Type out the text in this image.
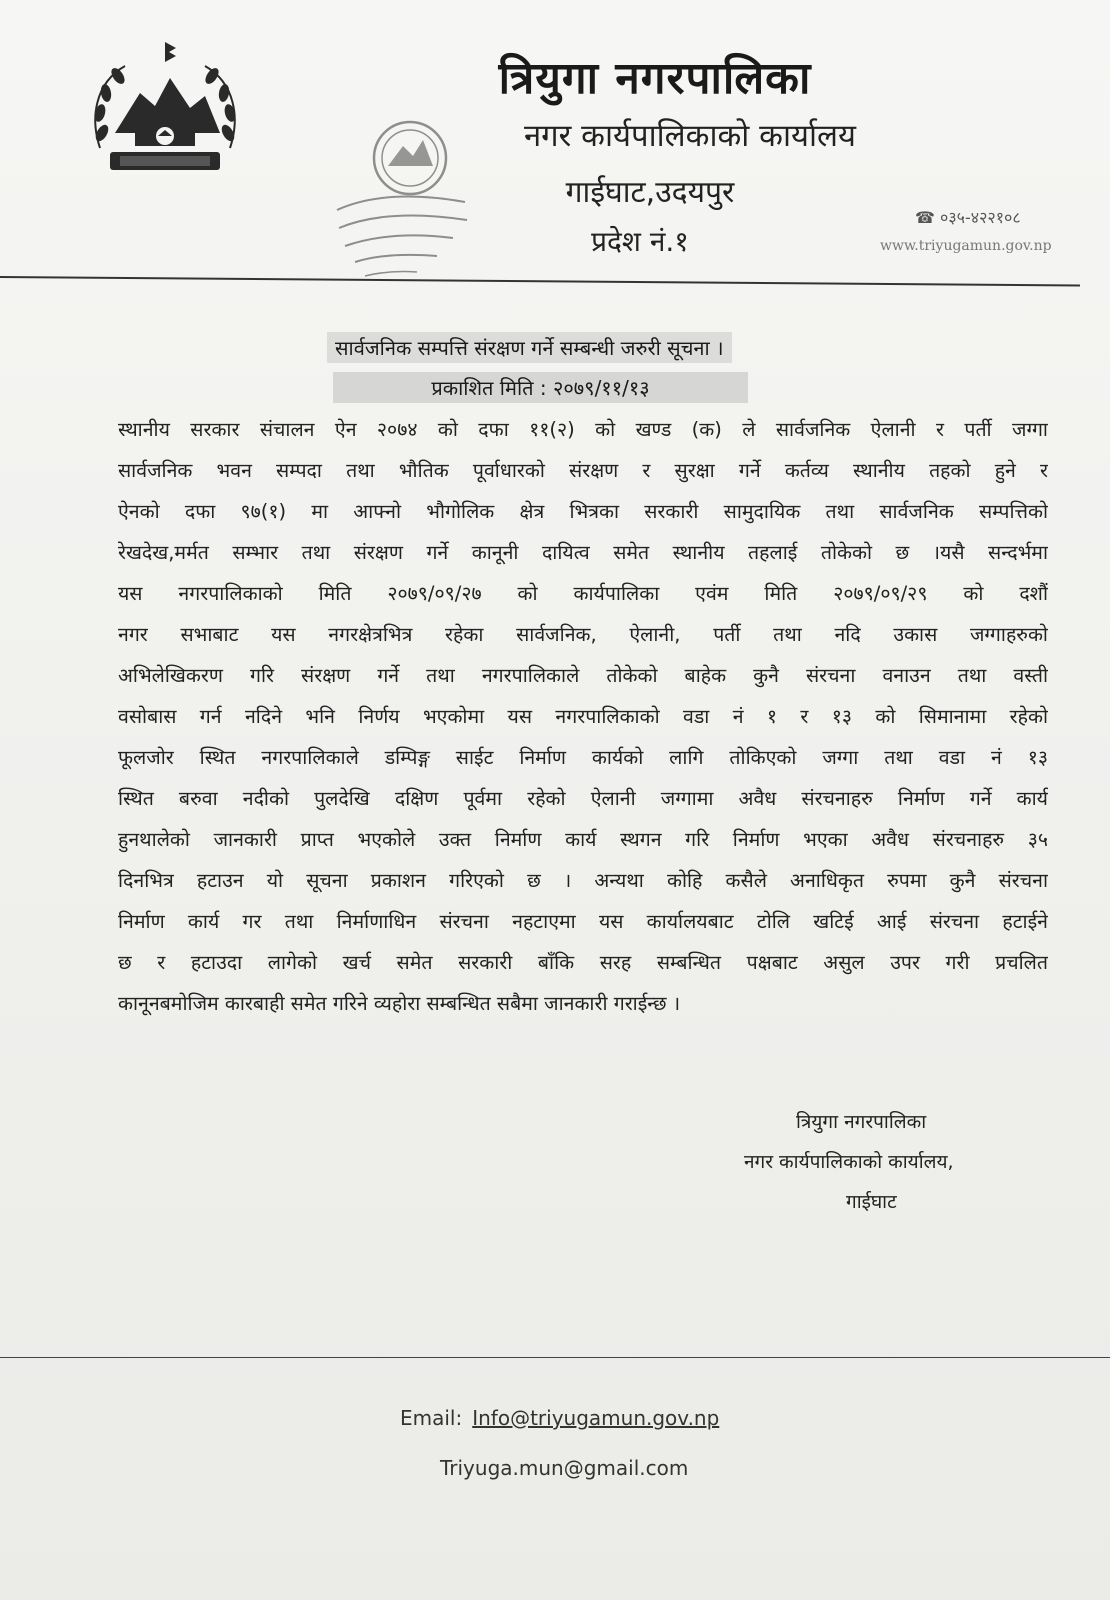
त्रियुगा नगरपालिका
नगर कार्यपालिकाको कार्यालय
गाईघाट,उदयपुर
प्रदेश नं.१
☎ ०३५-४२२१०८
www.triyugamun.gov.np
सार्वजनिक सम्पत्ति संरक्षण गर्ने सम्बन्धी जरुरी सूचना ।
प्रकाशित मिति : २०७९/११/१३
स्थानीय सरकार संचालन ऐन २०७४ को दफा ११(२) को खण्ड (क) ले सार्वजनिक ऐलानी र पर्ती जग्गा
सार्वजनिक भवन सम्पदा तथा भौतिक पूर्वाधारको संरक्षण र सुरक्षा गर्ने कर्तव्य स्थानीय तहको हुने र
ऐनको दफा ९७(१) मा आफ्नो भौगोलिक क्षेत्र भित्रका सरकारी सामुदायिक तथा सार्वजनिक सम्पत्तिको
रेखदेख,मर्मत सम्भार तथा संरक्षण गर्ने कानूनी दायित्व समेत स्थानीय तहलाई तोकेको छ ।यसै सन्दर्भमा
यस नगरपालिकाको मिति २०७९/०९/२७ को कार्यपालिका एवंम मिति २०७९/०९/२९ को दशौं
नगर सभाबाट यस नगरक्षेत्रभित्र रहेका सार्वजनिक, ऐलानी, पर्ती तथा नदि उकास जग्गाहरुको
अभिलेखिकरण गरि संरक्षण गर्ने तथा नगरपालिकाले तोकेको बाहेक कुनै संरचना वनाउन तथा वस्ती
वसोबास गर्न नदिने भनि निर्णय भएकोमा यस नगरपालिकाको वडा नं १ र १३ को सिमानामा रहेको
फूलजोर स्थित नगरपालिकाले डम्पिङ्ग साईट निर्माण कार्यको लागि तोकिएको जग्गा तथा वडा नं १३
स्थित बरुवा नदीको पुलदेखि दक्षिण पूर्वमा रहेको ऐलानी जग्गामा अवैध संरचनाहरु निर्माण गर्ने कार्य
हुनथालेको जानकारी प्राप्त भएकोले उक्त निर्माण कार्य स्थगन गरि निर्माण भएका अवैध संरचनाहरु ३५
दिनभित्र हटाउन यो सूचना प्रकाशन गरिएको छ । अन्यथा कोहि कसैले अनाधिकृत रुपमा कुनै संरचना
निर्माण कार्य गर तथा निर्माणाधिन संरचना नहटाएमा यस कार्यालयबाट टोलि खटिई आई संरचना हटाईने
छ र हटाउदा लागेको खर्च समेत सरकारी बाँकि सरह सम्बन्धित पक्षबाट असुल उपर गरी प्रचलित
कानूनबमोजिम कारबाही समेत गरिने व्यहोरा सम्बन्धित सबैमा जानकारी गराईन्छ ।
त्रियुगा नगरपालिका
नगर कार्यपालिकाको कार्यालय,
गाईघाट
Email: Info@triyugamun.gov.np
Triyuga.mun@gmail.com
